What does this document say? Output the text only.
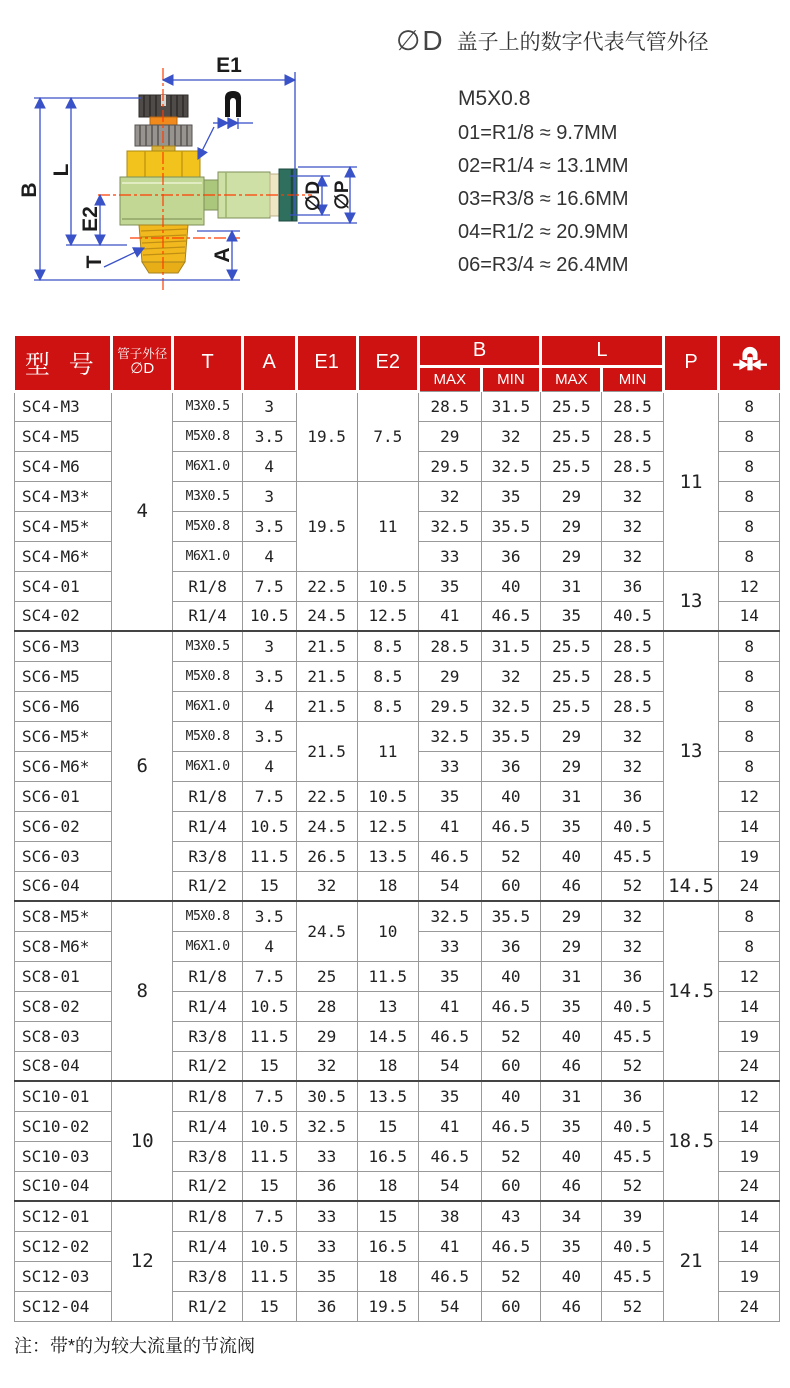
E1
B
L
E2
T	A
∅D ∅P
∅D 盖子上的数字代表气管外径
M5X0.8
01=R1/8 ≈ 9.7MM
02=R1/4 ≈ 13.1MM
03=R3/8 ≈ 16.6MM
04=R1/2 ≈ 20.9MM
06=R3/4 ≈ 26.4MM
型 号	管子外径
∅D	T	A	E1	E2	B		L		P	
						MAX	MIN	MAX	MIN		
SC4-M3	4	M3X0.5	3	19.5	7.5	28.5	31.5	25.5	28.5	11	8
SC4-M5		M5X0.8	3.5			29	32	25.5	28.5		8
SC4-M6		M6X1.0	4			29.5	32.5	25.5	28.5		8
SC4-M3*		M3X0.5	3	19.5	11	32	35	29	32		8
SC4-M5*		M5X0.8	3.5			32.5	35.5	29	32		8
SC4-M6*		M6X1.0	4			33	36	29	32		8
SC4-01		R1/8	7.5	22.5	10.5	35	40	31	36	13	12
SC4-02		R1/4	10.5	24.5	12.5	41	46.5	35	40.5		14
SC6-M3	6	M3X0.5	3	21.5	8.5	28.5	31.5	25.5	28.5	13	8
SC6-M5		M5X0.8	3.5	21.5	8.5	29	32	25.5	28.5		8
SC6-M6		M6X1.0	4	21.5	8.5	29.5	32.5	25.5	28.5		8
SC6-M5*		M5X0.8	3.5	21.5	11	32.5	35.5	29	32		8
SC6-M6*		M6X1.0	4			33	36	29	32		8
SC6-01		R1/8	7.5	22.5	10.5	35	40	31	36		12
SC6-02		R1/4	10.5	24.5	12.5	41	46.5	35	40.5		14
SC6-03		R3/8	11.5	26.5	13.5	46.5	52	40	45.5		19
SC6-04		R1/2	15	32	18	54	60	46	52	14.5	24
SC8-M5*	8	M5X0.8	3.5	24.5	10	32.5	35.5	29	32	14.5	8
SC8-M6*		M6X1.0	4			33	36	29	32		8
SC8-01		R1/8	7.5	25	11.5	35	40	31	36		12
SC8-02		R1/4	10.5	28	13	41	46.5	35	40.5		14
SC8-03		R3/8	11.5	29	14.5	46.5	52	40	45.5		19
SC8-04		R1/2	15	32	18	54	60	46	52		24
SC10-01	10	R1/8	7.5	30.5	13.5	35	40	31	36	18.5	12
SC10-02		R1/4	10.5	32.5	15	41	46.5	35	40.5		14
SC10-03		R3/8	11.5	33	16.5	46.5	52	40	45.5		19
SC10-04		R1/2	15	36	18	54	60	46	52		24
SC12-01	12	R1/8	7.5	33	15	38	43	34	39	21	14
SC12-02		R1/4	10.5	33	16.5	41	46.5	35	40.5		14
SC12-03		R3/8	11.5	35	18	46.5	52	40	45.5		19
SC12-04		R1/2	15	36	19.5	54	60	46	52		24
注：带*的为较大流量的节流阀
